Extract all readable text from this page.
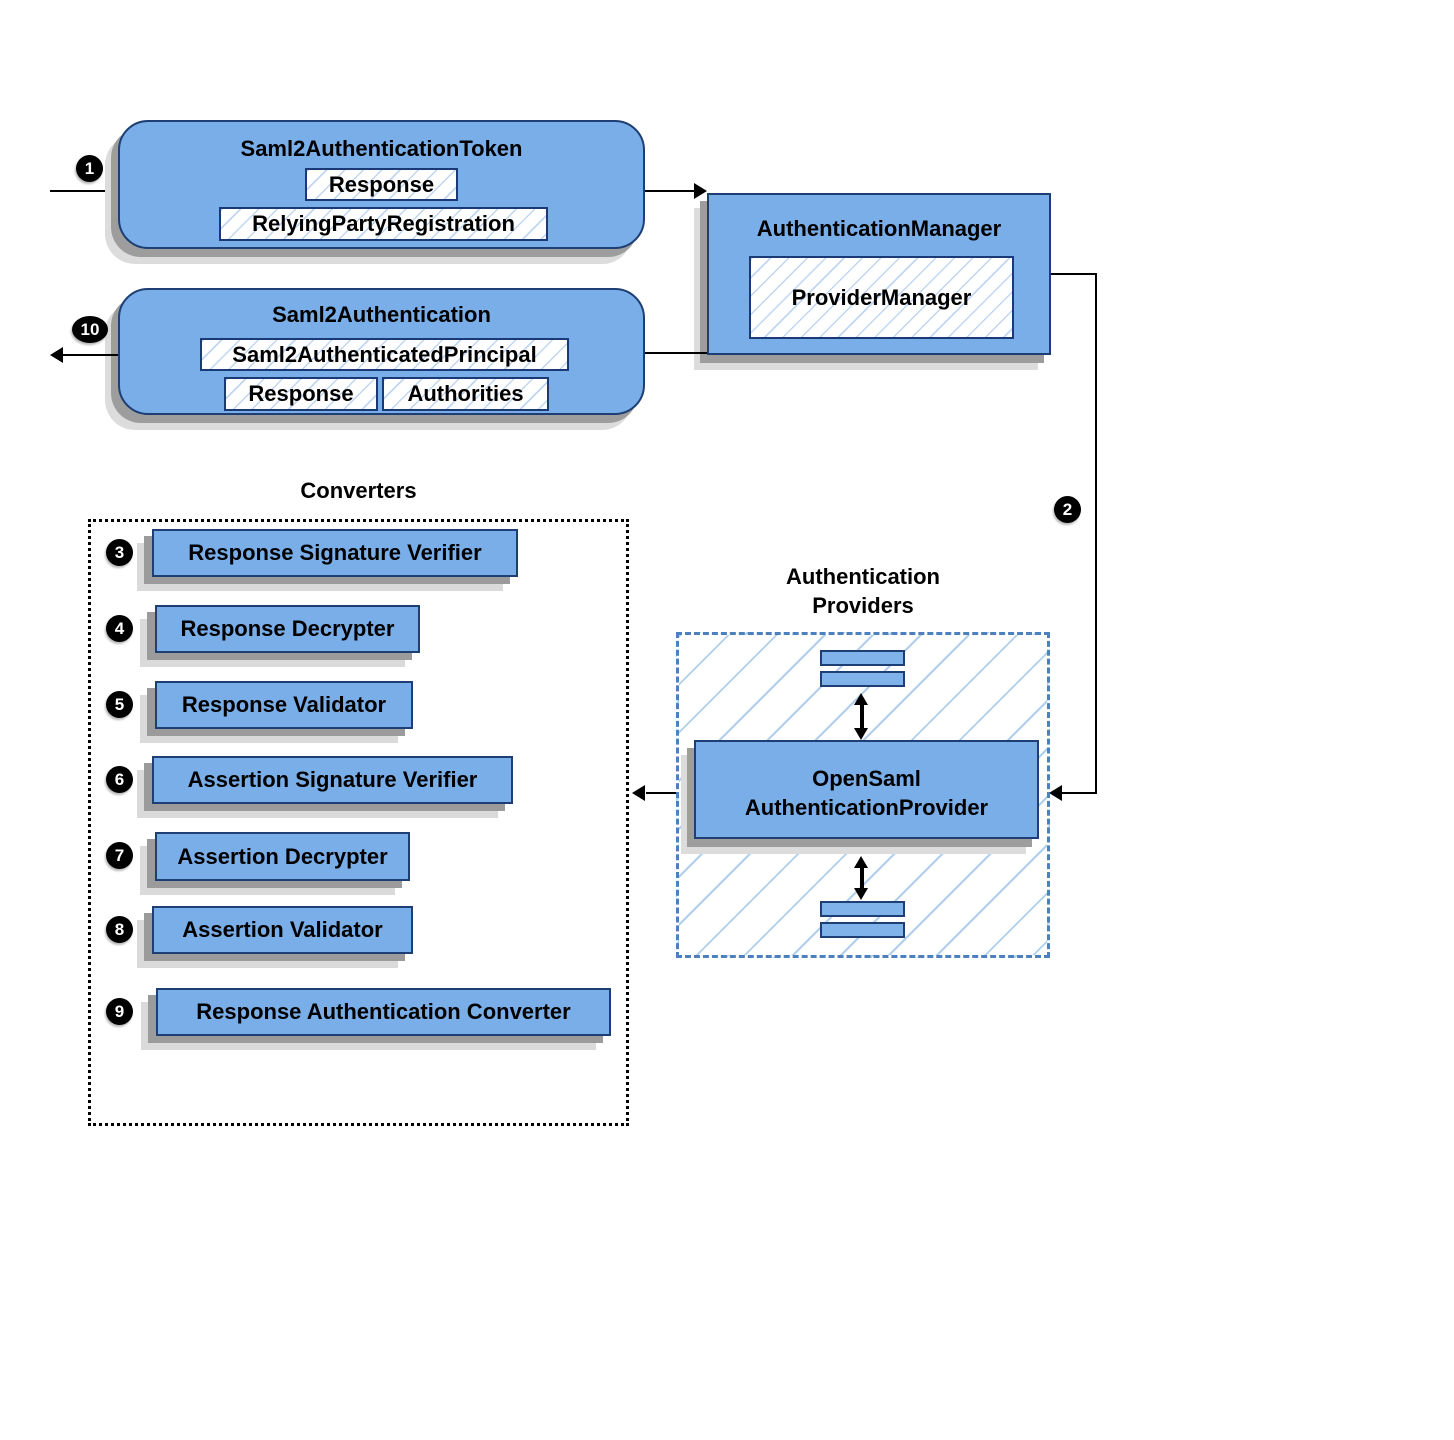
1
Saml2AuthenticationToken
Response
RelyingPartyRegistration	AuthenticationManager
ProviderManager
Saml2Authentication
Saml2AuthenticatedPrincipal
Response	Authorities
10
2
Converters
3	Response Signature Verifier
4	Response Decrypter
5	Response Validator
6	Assertion Signature Verifier
7	Assertion Decrypter
8	Assertion Validator
9	Response Authentication Converter
Authentication
Providers
OpenSaml
AuthenticationProvider
